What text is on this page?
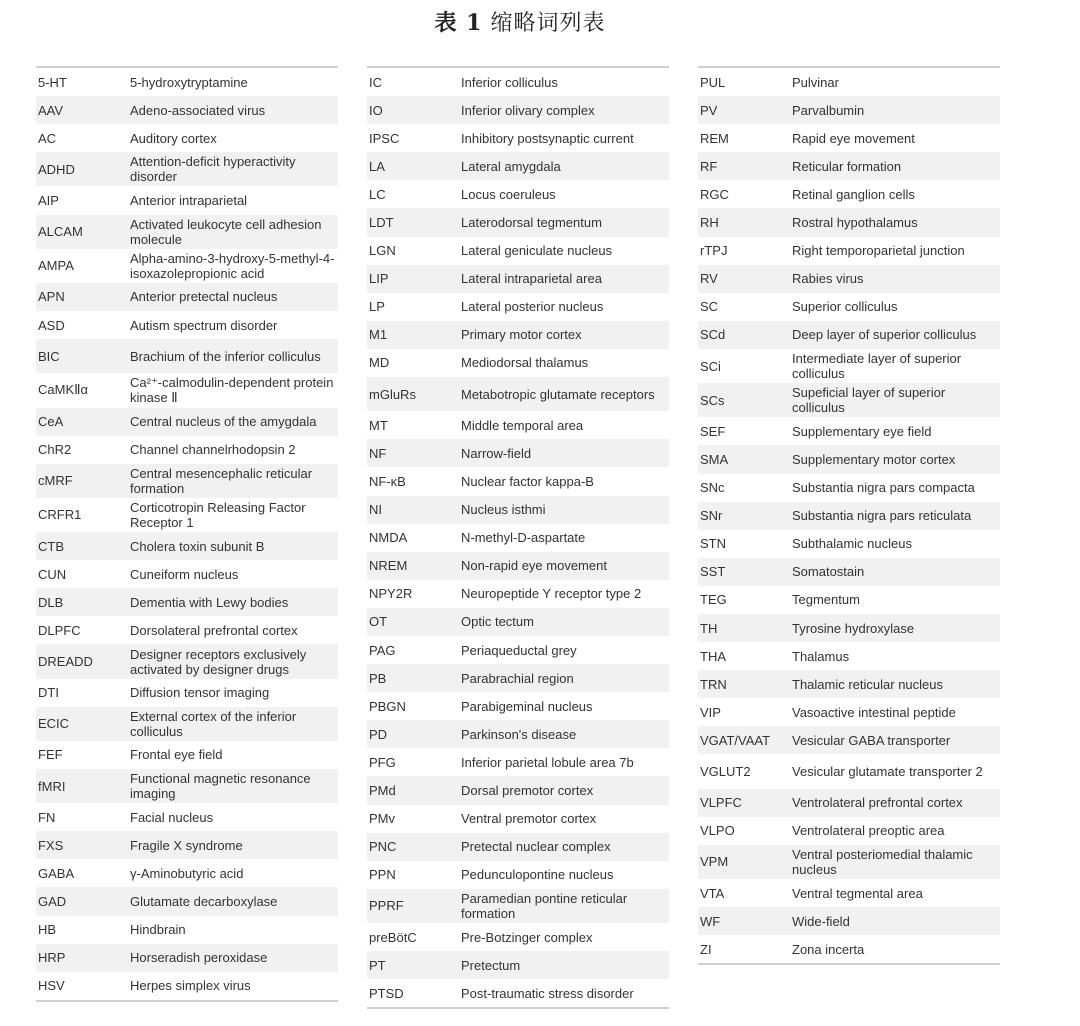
表 1 缩略词列表
5-HT	5-hydroxytryptamine
AAV	Adeno-associated virus
AC	Auditory cortex
ADHD	Attention-deficit hyperactivity disorder
AIP	Anterior intraparietal
ALCAM	Activated leukocyte cell adhesion molecule
AMPA	Alpha-amino-3-hydroxy-5-methyl-4-isoxazolepropionic acid
APN	Anterior pretectal nucleus
ASD	Autism spectrum disorder
BIC	Brachium of the inferior colliculus
CaMKⅡα	Ca²⁺-calmodulin-dependent protein kinase Ⅱ
CeA	Central nucleus of the amygdala
ChR2	Channel channelrhodopsin 2
cMRF	Central mesencephalic reticular formation
CRFR1	Corticotropin Releasing Factor Receptor 1
CTB	Cholera toxin subunit B
CUN	Cuneiform nucleus
DLB	Dementia with Lewy bodies
DLPFC	Dorsolateral prefrontal cortex
DREADD	Designer receptors exclusively activated by designer drugs
DTI	Diffusion tensor imaging
ECIC	External cortex of the inferior colliculus
FEF	Frontal eye field
fMRI	Functional magnetic resonance imaging
FN	Facial nucleus
FXS	Fragile X syndrome
GABA	γ-Aminobutyric acid
GAD	Glutamate decarboxylase
HB	Hindbrain
HRP	Horseradish peroxidase
HSV	Herpes simplex virus
IC	Inferior colliculus
IO	Inferior olivary complex
IPSC	Inhibitory postsynaptic current
LA	Lateral amygdala
LC	Locus coeruleus
LDT	Laterodorsal tegmentum
LGN	Lateral geniculate nucleus
LIP	Lateral intraparietal area
LP	Lateral posterior nucleus
M1	Primary motor cortex
MD	Mediodorsal thalamus
mGluRs	Metabotropic glutamate receptors
MT	Middle temporal area
NF	Narrow-field
NF-κB	Nuclear factor kappa-B
NI	Nucleus isthmi
NMDA	N-methyl-D-aspartate
NREM	Non-rapid eye movement
NPY2R	Neuropeptide Y receptor type 2
OT	Optic tectum
PAG	Periaqueductal grey
PB	Parabrachial region
PBGN	Parabigeminal nucleus
PD	Parkinson's disease
PFG	Inferior parietal lobule area 7b
PMd	Dorsal premotor cortex
PMv	Ventral premotor cortex
PNC	Pretectal nuclear complex
PPN	Pedunculopontine nucleus
PPRF	Paramedian pontine reticular formation
preBötC	Pre-Botzinger complex
PT	Pretectum
PTSD	Post-traumatic stress disorder
PUL	Pulvinar
PV	Parvalbumin
REM	Rapid eye movement
RF	Reticular formation
RGC	Retinal ganglion cells
RH	Rostral hypothalamus
rTPJ	Right temporoparietal junction
RV	Rabies virus
SC	Superior colliculus
SCd	Deep layer of superior colliculus
SCi	Intermediate layer of superior colliculus
SCs	Supeficial layer of superior colliculus
SEF	Supplementary eye field
SMA	Supplementary motor cortex
SNc	Substantia nigra pars compacta
SNr	Substantia nigra pars reticulata
STN	Subthalamic nucleus
SST	Somatostain
TEG	Tegmentum
TH	Tyrosine hydroxylase
THA	Thalamus
TRN	Thalamic reticular nucleus
VIP	Vasoactive intestinal peptide
VGAT/VAAT	Vesicular GABA transporter
VGLUT2	Vesicular glutamate transporter 2
VLPFC	Ventrolateral prefrontal cortex
VLPO	Ventrolateral preoptic area
VPM	Ventral posteriomedial thalamic nucleus
VTA	Ventral tegmental area
WF	Wide-field
ZI	Zona incerta
